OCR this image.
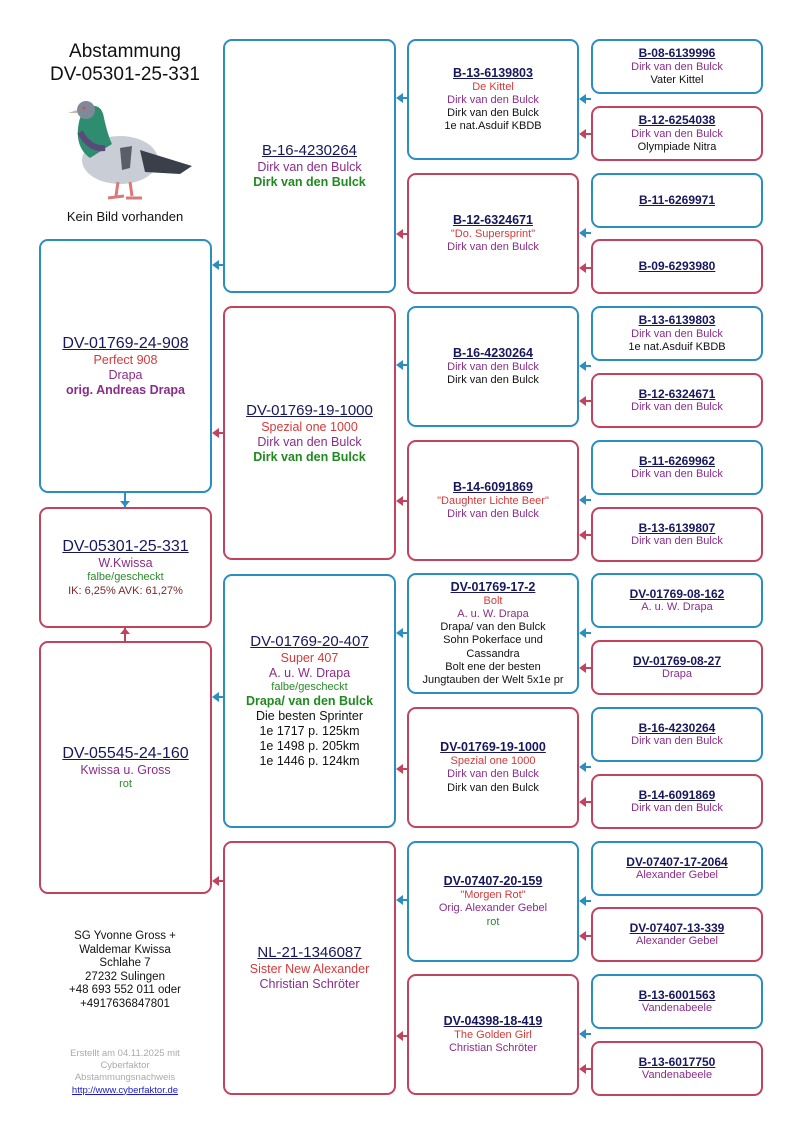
Abstammung
DV-05301-25-331
Kein Bild vorhanden
SG Yvonne Gross +
Waldemar Kwissa
Schlahe 7
27232 Sulingen
+48 693 552 011 oder
+4917636847801
Erstellt am 04.11.2025 mit
Cyberfaktor
Abstammungsnachweis
http://www.cyberfaktor.de
DV-05301-25-331
W.Kwissa
falbe/gescheckt
IK: 6,25% AVK: 61,27%
DV-01769-24-908
Perfect 908
Drapa
orig. Andreas Drapa
DV-05545-24-160
Kwissa u. Gross
rot
B-16-4230264
Dirk van den Bulck
Dirk van den Bulck
DV-01769-19-1000
Spezial one 1000
Dirk van den Bulck
Dirk van den Bulck
DV-01769-20-407
Super 407
A. u. W. Drapa
falbe/gescheckt
Drapa/ van den Bulck
Die besten Sprinter
1e 1717 p. 125km
1e 1498 p. 205km
1e 1446 p. 124km
NL-21-1346087
Sister New Alexander
Christian Schröter
B-13-6139803
De Kittel
Dirk van den Bulck
Dirk van den Bulck
1e nat.Asduif KBDB
B-12-6324671
"Do. Supersprint"
Dirk van den Bulck
B-16-4230264
Dirk van den Bulck
Dirk van den Bulck
B-14-6091869
"Daughter Lichte Beer"
Dirk van den Bulck
DV-01769-17-2
Bolt
A. u. W. Drapa
Drapa/ van den Bulck
Sohn Pokerface und
Cassandra
Bolt ene der besten
Jungtauben der Welt 5x1e pr
DV-01769-19-1000
Spezial one 1000
Dirk van den Bulck
Dirk van den Bulck
DV-07407-20-159
"Morgen Rot"
Orig. Alexander Gebel
rot
DV-04398-18-419
The Golden Girl
Christian Schröter
B-08-6139996
Dirk van den Bulck
Vater Kittel
B-12-6254038
Dirk van den Bulck
Olympiade Nitra
B-11-6269971
B-09-6293980
B-13-6139803
Dirk van den Bulck
1e nat.Asduif KBDB
B-12-6324671
Dirk van den Bulck
B-11-6269962
Dirk van den Bulck
B-13-6139807
Dirk van den Bulck
DV-01769-08-162
A. u. W. Drapa
DV-01769-08-27
Drapa
B-16-4230264
Dirk van den Bulck
B-14-6091869
Dirk van den Bulck
DV-07407-17-2064
Alexander Gebel
DV-07407-13-339
Alexander Gebel
B-13-6001563
Vandenabeele
B-13-6017750
Vandenabeele
